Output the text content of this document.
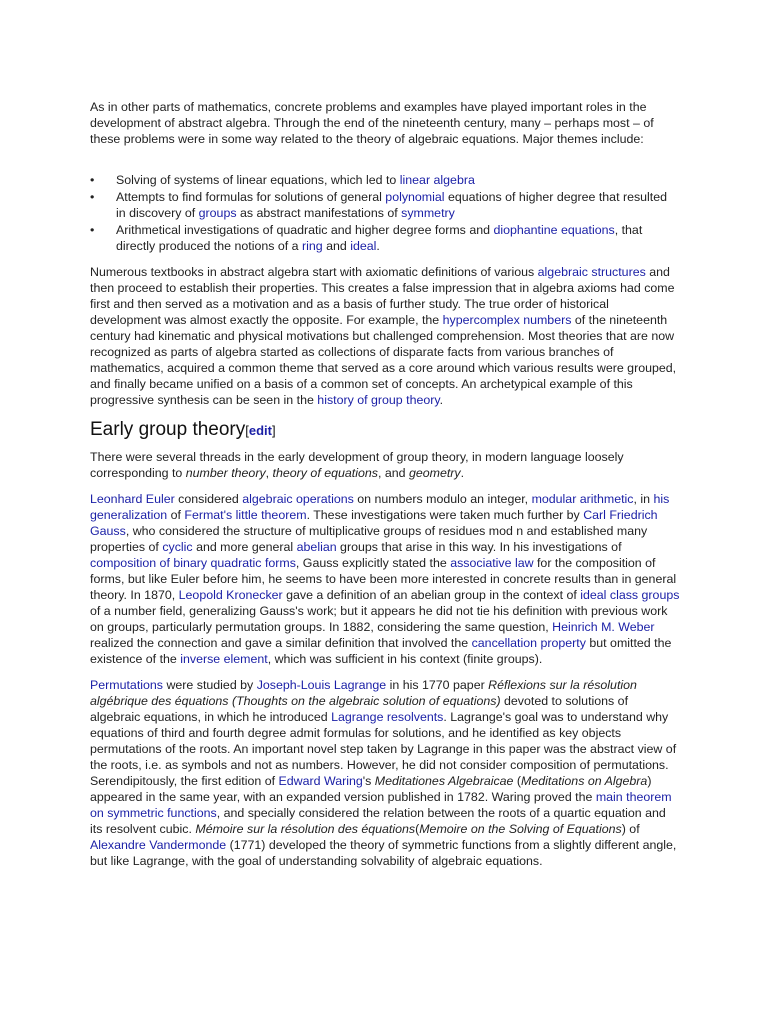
As in other parts of mathematics, concrete problems and examples have played important roles in the development of abstract algebra. Through the end of the nineteenth century, many – perhaps most – of these problems were in some way related to the theory of algebraic equations. Major themes include:

• Solving of systems of linear equations, which led to linear algebra
• Attempts to find formulas for solutions of general polynomial equations of higher degree that resulted in discovery of groups as abstract manifestations of symmetry
• Arithmetical investigations of quadratic and higher degree forms and diophantine equations, that directly produced the notions of a ring and ideal.

Numerous textbooks in abstract algebra start with axiomatic definitions of various algebraic structures and then proceed to establish their properties. This creates a false impression that in algebra axioms had come first and then served as a motivation and as a basis of further study. The true order of historical development was almost exactly the opposite. For example, the hypercomplex numbers of the nineteenth century had kinematic and physical motivations but challenged comprehension. Most theories that are now recognized as parts of algebra started as collections of disparate facts from various branches of mathematics, acquired a common theme that served as a core around which various results were grouped, and finally became unified on a basis of a common set of concepts. An archetypical example of this progressive synthesis can be seen in the history of group theory.

Early group theory[edit]

There were several threads in the early development of group theory, in modern language loosely corresponding to number theory, theory of equations, and geometry.

Leonhard Euler considered algebraic operations on numbers modulo an integer, modular arithmetic, in his generalization of Fermat's little theorem. These investigations were taken much further by Carl Friedrich Gauss, who considered the structure of multiplicative groups of residues mod n and established many properties of cyclic and more general abelian groups that arise in this way. In his investigations of composition of binary quadratic forms, Gauss explicitly stated the associative law for the composition of forms, but like Euler before him, he seems to have been more interested in concrete results than in general theory. In 1870, Leopold Kronecker gave a definition of an abelian group in the context of ideal class groups of a number field, generalizing Gauss's work; but it appears he did not tie his definition with previous work on groups, particularly permutation groups. In 1882, considering the same question, Heinrich M. Weber realized the connection and gave a similar definition that involved the cancellation property but omitted the existence of the inverse element, which was sufficient in his context (finite groups).

Permutations were studied by Joseph-Louis Lagrange in his 1770 paper Réflexions sur la résolution algébrique des équations (Thoughts on the algebraic solution of equations) devoted to solutions of algebraic equations, in which he introduced Lagrange resolvents. Lagrange's goal was to understand why equations of third and fourth degree admit formulas for solutions, and he identified as key objects permutations of the roots. An important novel step taken by Lagrange in this paper was the abstract view of the roots, i.e. as symbols and not as numbers. However, he did not consider composition of permutations. Serendipitously, the first edition of Edward Waring's Meditationes Algebraicae (Meditations on Algebra) appeared in the same year, with an expanded version published in 1782. Waring proved the main theorem on symmetric functions, and specially considered the relation between the roots of a quartic equation and its resolvent cubic. Mémoire sur la résolution des équations(Memoire on the Solving of Equations) of Alexandre Vandermonde (1771) developed the theory of symmetric functions from a slightly different angle, but like Lagrange, with the goal of understanding solvability of algebraic equations.
